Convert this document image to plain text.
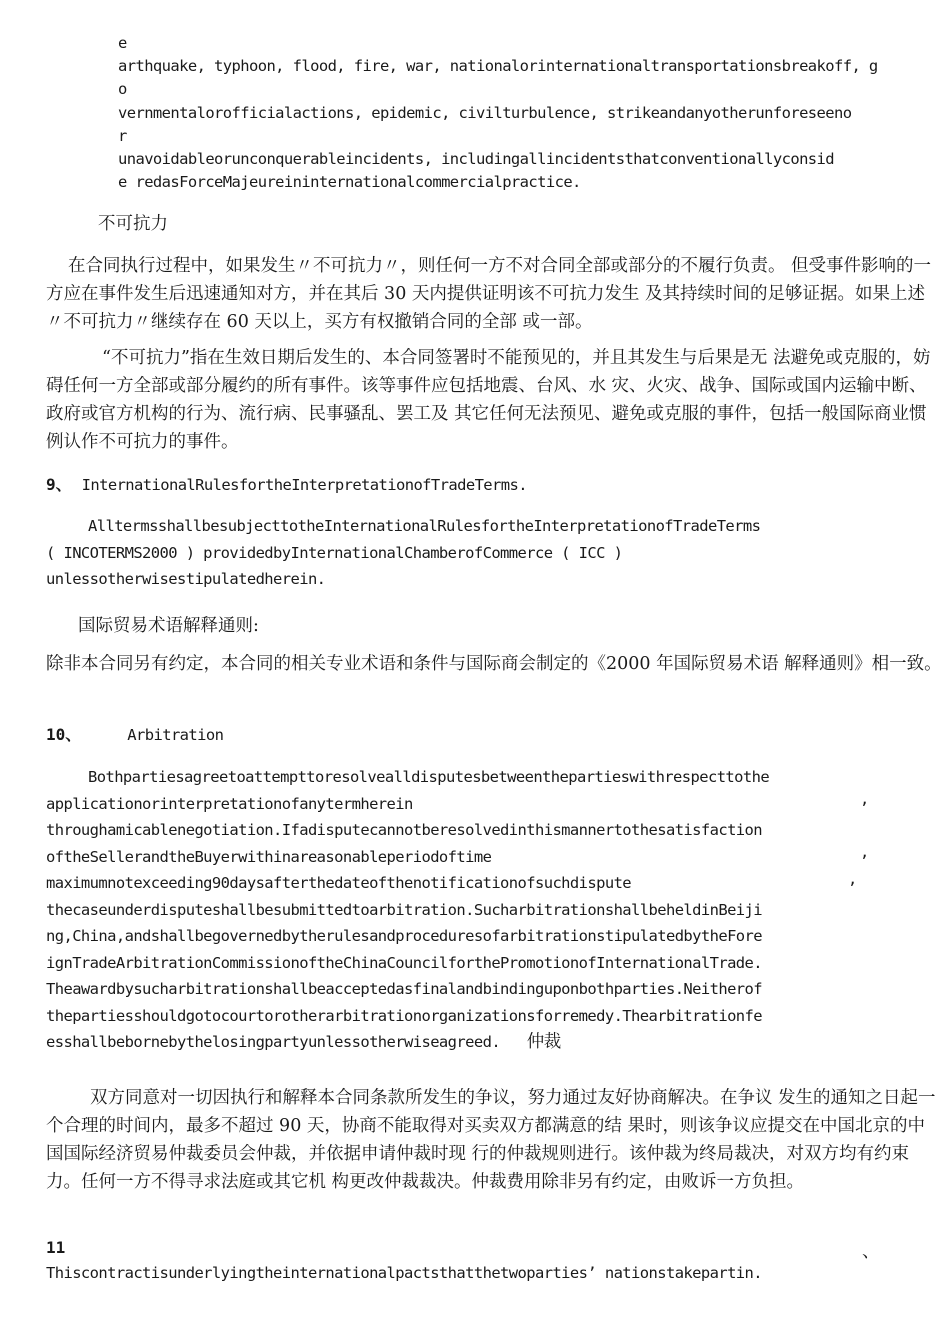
e
arthquake, typhoon, flood, fire, war, nationalorinternationaltransportationsbreakoff, g
o
vernmentalorofficialactions, epidemic, civilturbulence, strikeandanyotherunforeseeno
r
unavoidableorunconquerableincidents, includingallincidentsthatconventionallyconsid
e redasForceMajeureininternationalcommercialpractice.
不可抗力
在合同执行过程中，如果发生〃不可抗力〃，则任何一方不对合同全部或部分的不履行负责。 但受事件影响的一方应在事件发生后迅速通知对方，并在其后 30 天内提供证明该不可抗力发生 及其持续时间的足够证据。如果上述〃不可抗力〃继续存在 60 天以上，买方有权撤销合同的全部 或一部。
“不可抗力”指在生效日期后发生的、本合同签署时不能预见的，并且其发生与后果是无 法避免或克服的，妨碍任何一方全部或部分履约的所有事件。该等事件应包括地震、台风、水 灾、火灾、战争、国际或国内运输中断、政府或官方机构的行为、流行病、民事骚乱、罢工及 其它任何无法预见、避免或克服的事件，包括一般国际商业惯例认作不可抗力的事件。
9、 InternationalRulesfortheInterpretationofTradeTerms.
AlltermsshallbesubjecttotheInternationalRulesfortheInterpretationofTradeTerms
( INCOTERMS2000 ) providedbyInternationalChamberofCommerce ( ICC )
unlessotherwisestipulatedherein.
国际贸易术语解释通则:
除非本合同另有约定，本合同的相关专业术语和条件与国际商会制定的《2000 年国际贸易术语 解释通则》相一致。
10、	Arbitration
Bothpartiesagreetoattempttoresolvealldisputesbetweenthepartieswithrespecttothe
applicationorinterpretationofanytermherein
throughamicablenegotiation.Ifadisputecannotberesolvedinthismannertothesatisfaction
oftheSellerandtheBuyerwithinareasonableperiodoftime
maximumnotexceeding90daysafterthedateofthenotificationofsuchdispute
thecaseunderdisputeshallbesubmittedtoarbitration.SucharbitrationshallbeheldinBeiji
ng,China,andshallbegovernedbytherulesandproceduresofarbitrationstipulatedbytheFore
ignTradeArbitrationCommissionoftheChinaCouncilforthePromotionofInternationalTrade.
Theawardbysucharbitrationshallbeacceptedasfinalandbindinguponbothparties.Neitherof
thepartiesshouldgotocourtorotherarbitrationorganizationsforremedy.Thearbitrationfe
esshallbebornebythelosingpartyunlessotherwiseagreed. 仲裁
,
,
,
双方同意对一切因执行和解释本合同条款所发生的争议，努力通过友好协商解决。在争议 发生的通知之日起一个合理的时间内，最多不超过 90 天，协商不能取得对买卖双方都满意的结 果时，则该争议应提交在中国北京的中国国际经济贸易仲裁委员会仲裁，并依据申请仲裁时现 行的仲裁规则进行。该仲裁为终局裁决，对双方均有约束力。任何一方不得寻求法庭或其它机 构更改仲裁裁决。仲裁费用除非另有约定，由败诉一方负担。
11	、
Thiscontractisunderlyingtheinternationalpactsthatthetwoparties’ nationstakepartin.
